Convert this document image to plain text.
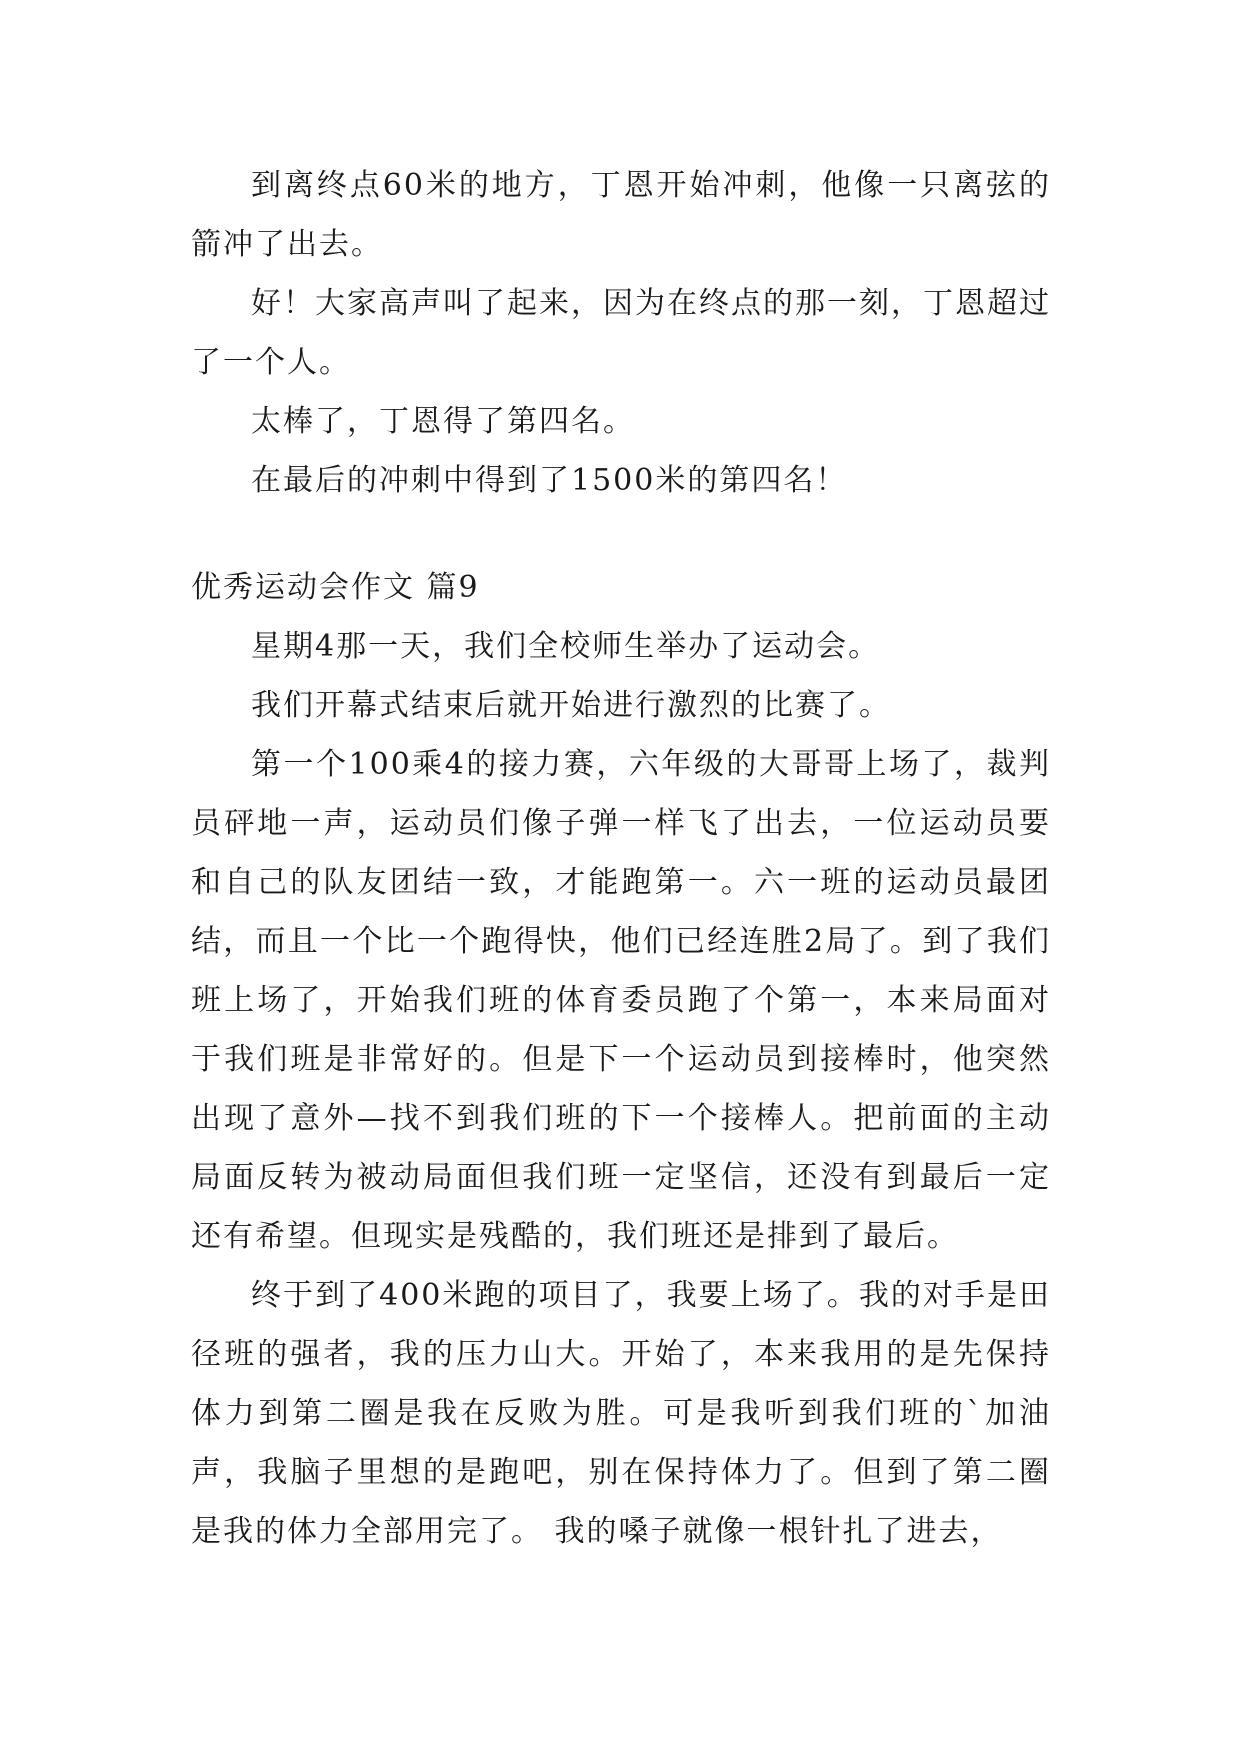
到离终点60米的地方，丁恩开始冲刺，他像一只离弦的箭冲了出去。

好！大家高声叫了起来，因为在终点的那一刻，丁恩超过了一个人。

太棒了，丁恩得了第四名。

在最后的冲刺中得到了1500米的第四名！

优秀运动会作文 篇9

星期4那一天，我们全校师生举办了运动会。

我们开幕式结束后就开始进行激烈的比赛了。

第一个100乘4的接力赛，六年级的大哥哥上场了，裁判员砰地一声，运动员们像子弹一样飞了出去，一位运动员要和自己的队友团结一致，才能跑第一。六一班的运动员最团结，而且一个比一个跑得快，他们已经连胜2局了。到了我们班上场了，开始我们班的体育委员跑了个第一，本来局面对于我们班是非常好的。但是下一个运动员到接棒时，他突然出现了意外—找不到我们班的下一个接棒人。把前面的主动局面反转为被动局面但我们班一定坚信，还没有到最后一定还有希望。但现实是残酷的，我们班还是排到了最后。

终于到了400米跑的项目了，我要上场了。我的对手是田径班的强者，我的压力山大。开始了，本来我用的是先保持体力到第二圈是我在反败为胜。可是我听到我们班的`加油声，我脑子里想的是跑吧，别在保持体力了。但到了第二圈是我的体力全部用完了。 我的嗓子就像一根针扎了进去，
